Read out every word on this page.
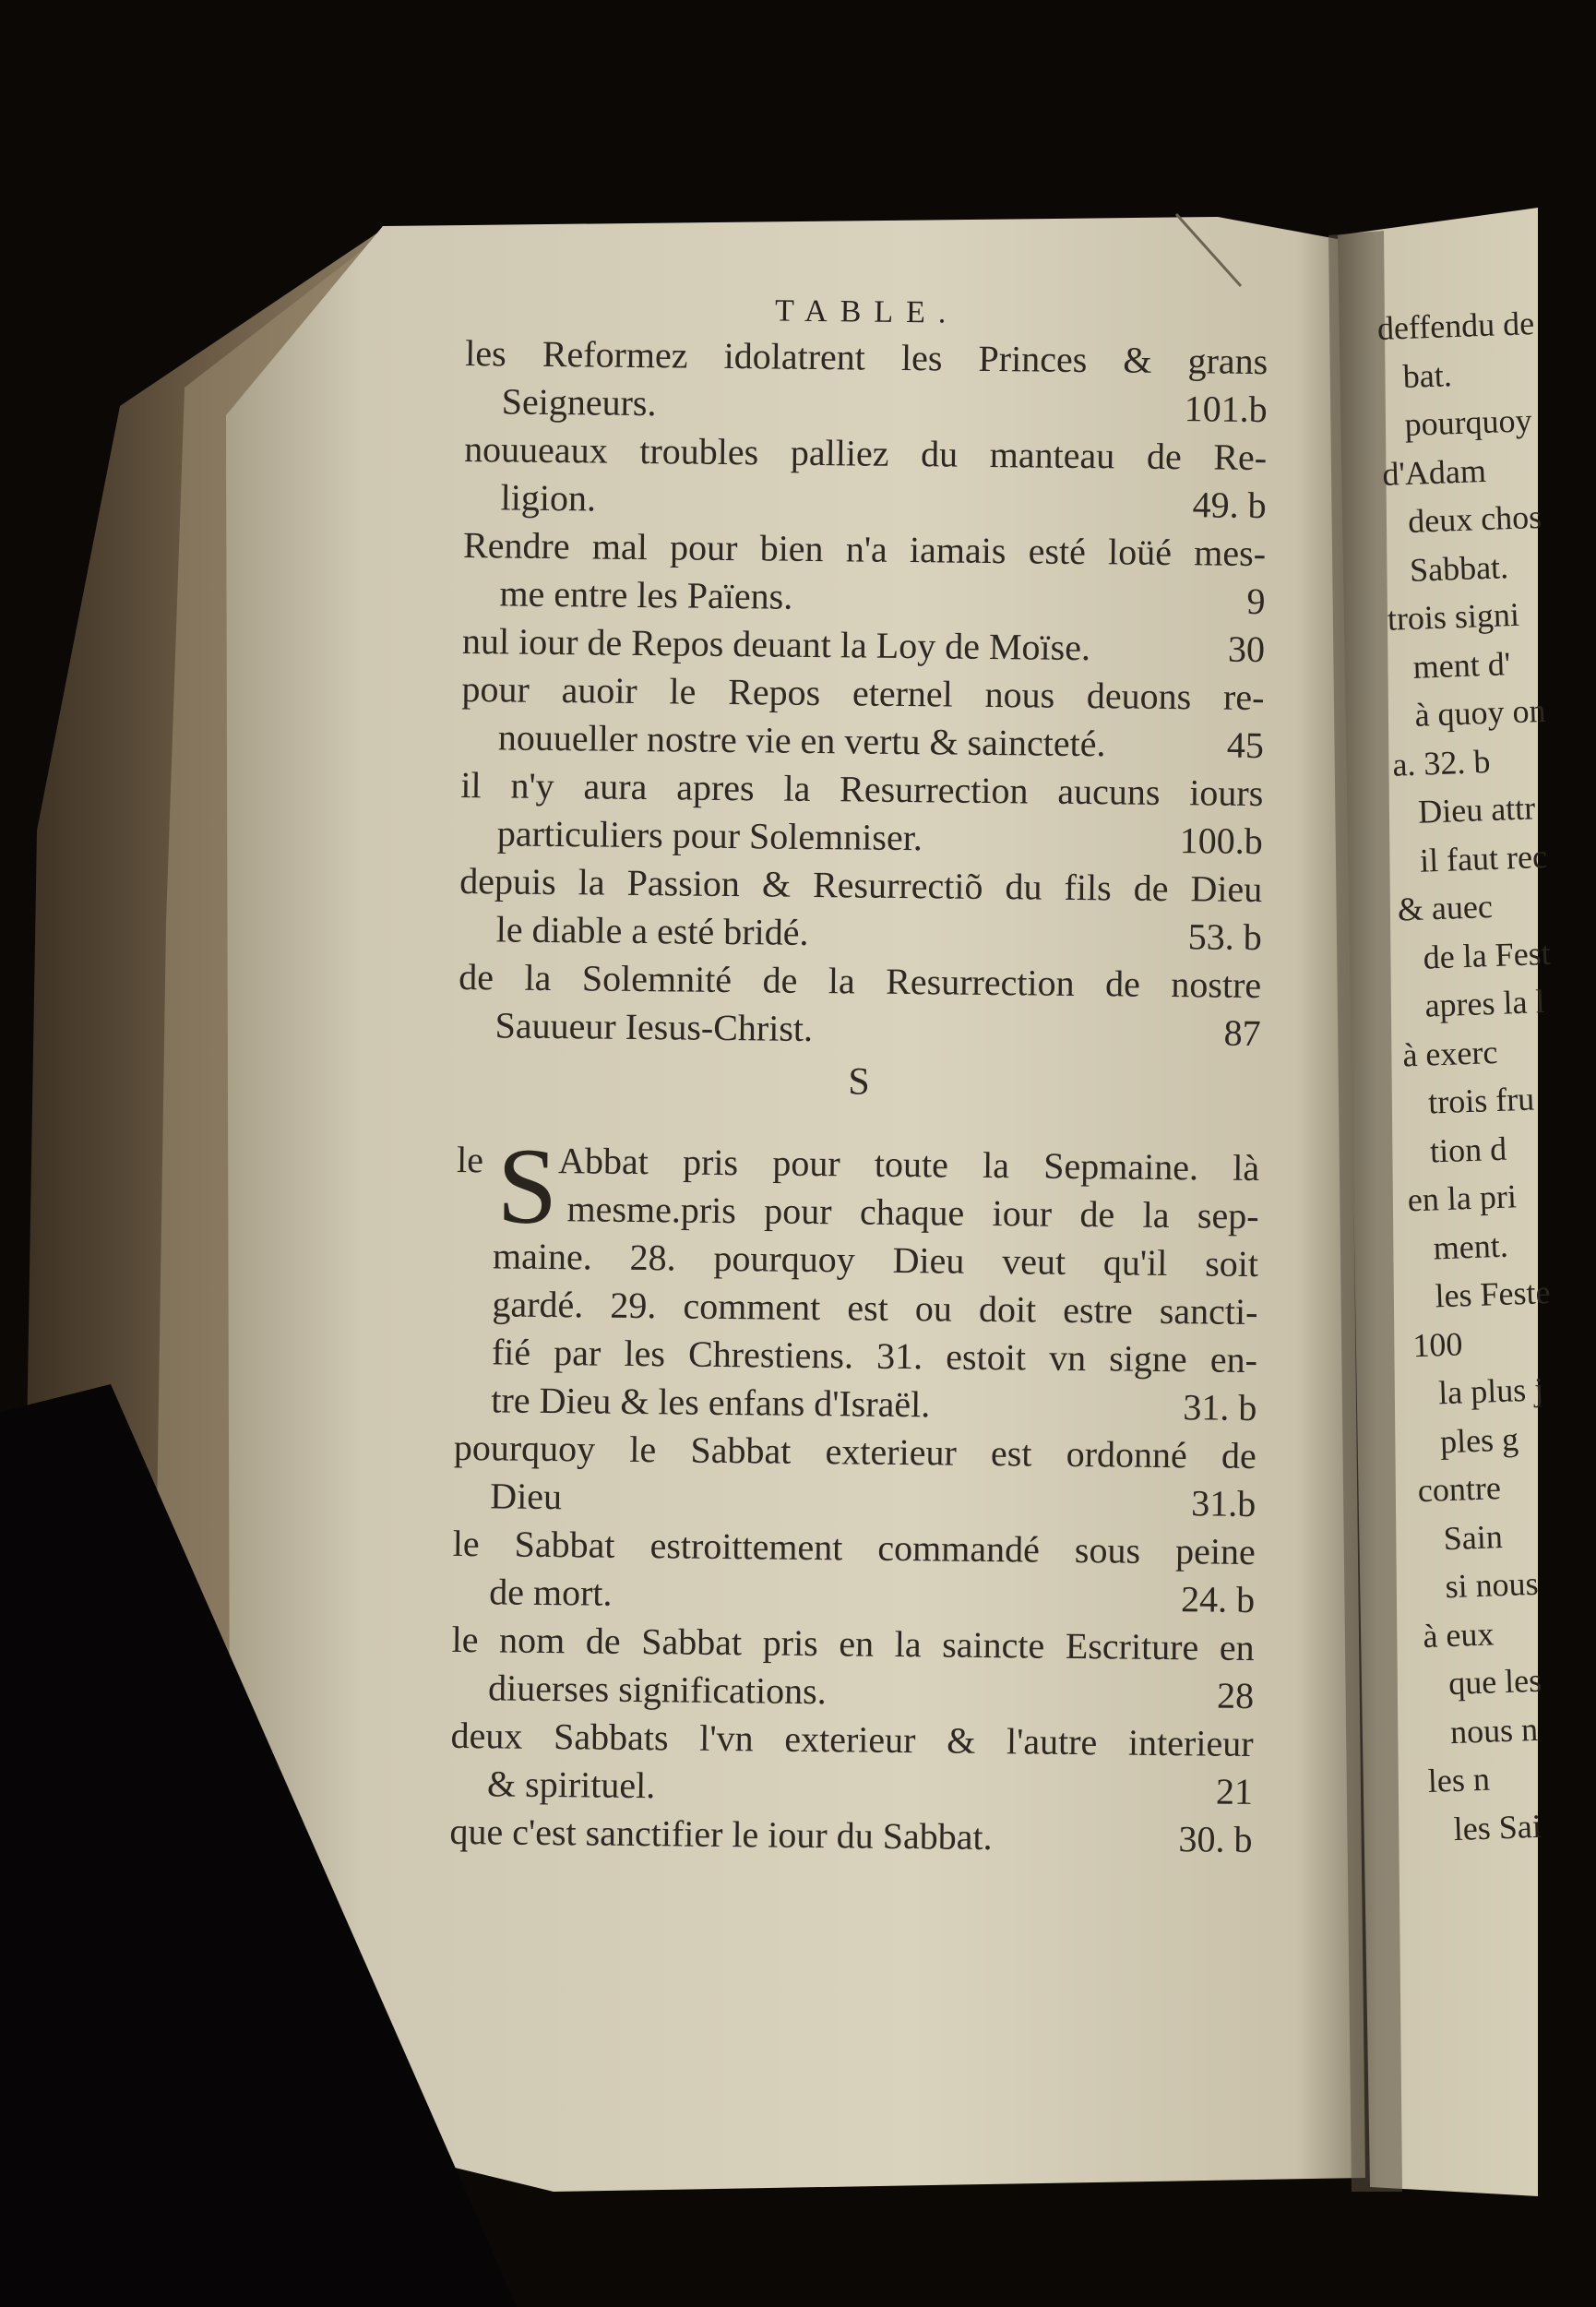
TABLE.
les Reformez idolatrent les Princes & grans
Seigneurs.	101.b
nouueaux troubles palliez du manteau de Re-
ligion.	49. b
Rendre mal pour bien n'a iamais esté loüé mes-
me entre les Païens.	9
nul iour de Repos deuant la Loy de Moïse.	30
pour auoir le Repos eternel nous deuons re-
nouueller nostre vie en vertu & saincteté.	45
il n'y aura apres la Resurrection aucuns iours
particuliers pour Solemniser.	100.b
depuis la Passion & Resurrectiõ du fils de Dieu
le diable a esté bridé.	53. b
de la Solemnité de la Resurrection de nostre
Sauueur Iesus-Christ.	87
S
S
le	Abbat pris pour toute la Sepmaine. là
mesme.pris pour chaque iour de la sep-
maine. 28. pourquoy Dieu veut qu'il soit
gardé. 29. comment est ou doit estre sancti-
fié par les Chrestiens. 31. estoit vn signe en-
tre Dieu & les enfans d'Israël.	31. b
pourquoy le Sabbat exterieur est ordonné de
Dieu	31.b
le Sabbat estroittement commandé sous peine
de mort.	24. b
le nom de Sabbat pris en la saincte Escriture en
diuerses significations.	28
deux Sabbats l'vn exterieur & l'autre interieur
& spirituel.	21
que c'est sanctifier le iour du Sabbat.	30. b
deffendu de
bat.
pourquoy
d'Adam
deux chos
Sabbat.
trois signi
ment d'
à quoy on
a. 32. b
Dieu attr
il faut rec
& auec
de la Fest
apres la l
à exerc
trois fru
tion d
en la pri
ment.
les Feste
100
la plus j
ples g
contre
Sain
si nous
à eux
que les
nous n
les n
les Sai
